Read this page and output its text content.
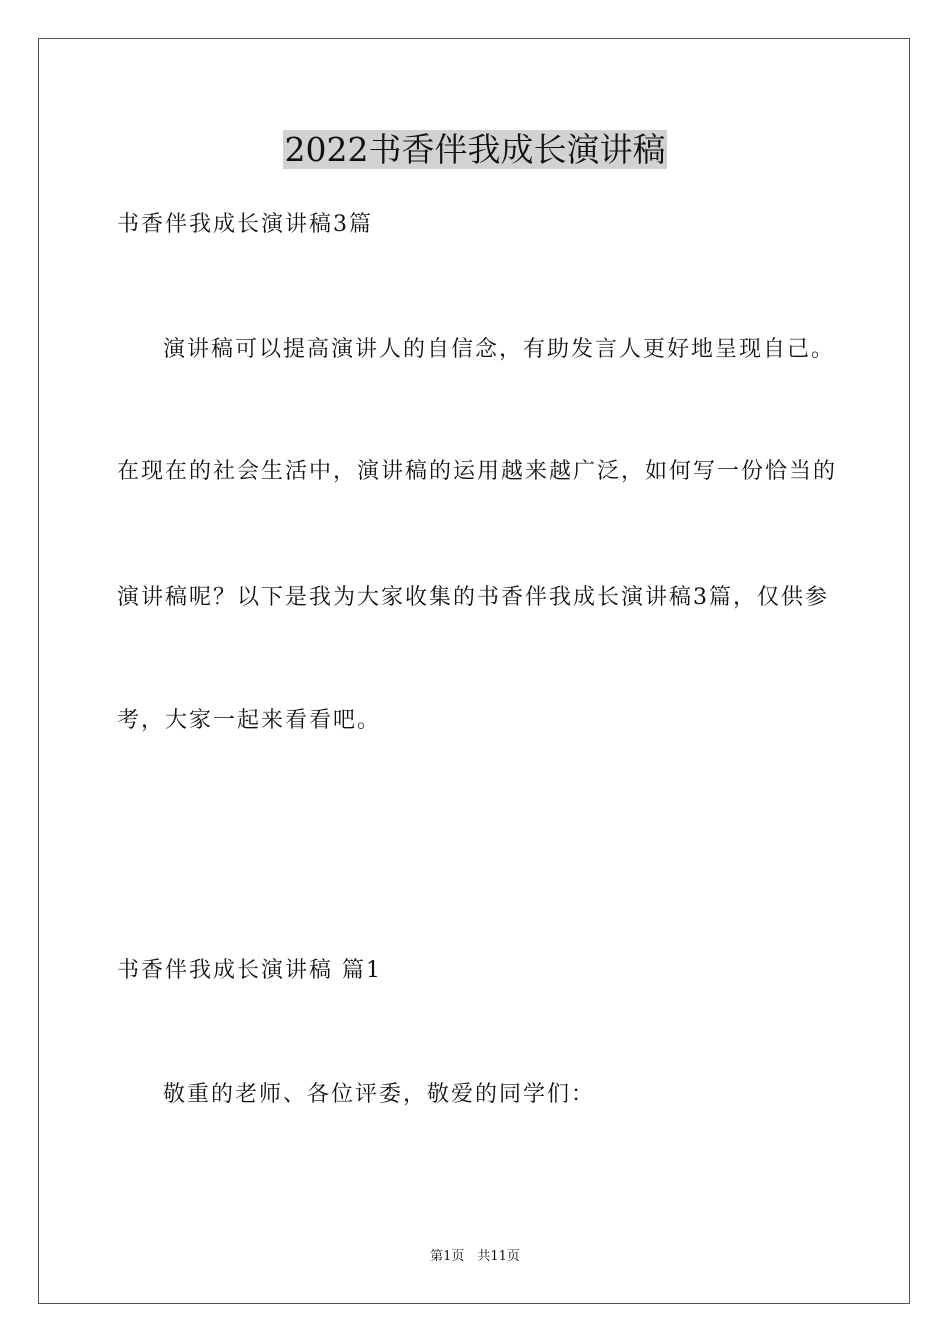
2022书香伴我成长演讲稿
书香伴我成长演讲稿3篇
演讲稿可以提高演讲人的自信念，有助发言人更好地呈现自己。
在现在的社会生活中，演讲稿的运用越来越广泛，如何写一份恰当的
演讲稿呢？以下是我为大家收集的书香伴我成长演讲稿3篇，仅供参
考，大家一起来看看吧。
书香伴我成长演讲稿 篇1
敬重的老师、各位评委，敬爱的同学们：
第1页　共11页
